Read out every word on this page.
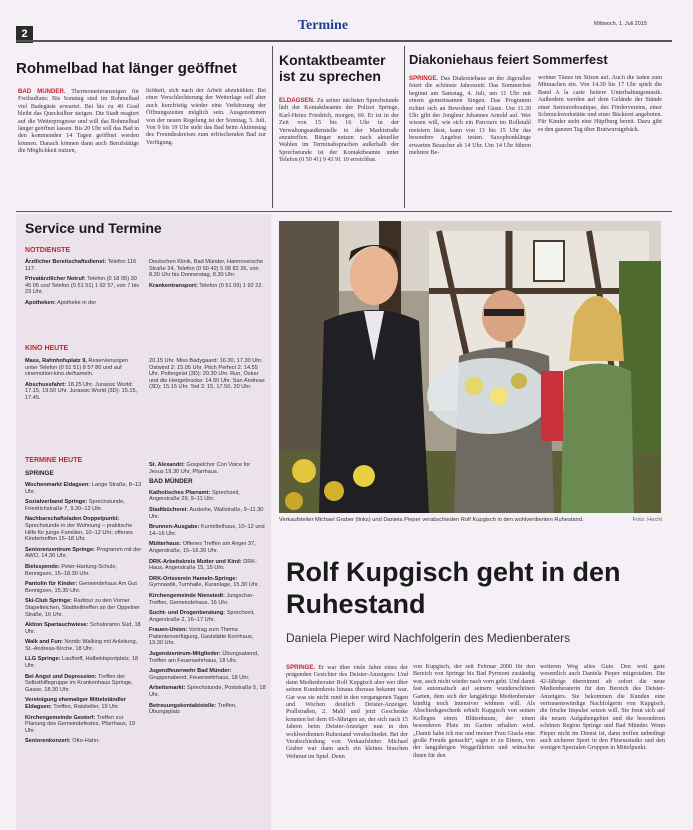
2
Termine	Mittwoch, 1. Juli 2015
Rohmelbad hat länger geöffnet
BAD MÜNDER. Thermometeranzeigen für Freibadfans: Bis Sonntag sind im Rohmelbad viel Badegäste erwartet. Bei bis zu 40 Grad bleibt das Quecksilber steigen. Die Stadt reagiert auf die Wetterprognose und will das Rohmelbad länger geöffnet lassen. Bis 20 Uhr soll das Bad in den kommenden 14 Tagen geöffnet werden können. Danach können dann auch Berufstätige die Möglichkeit nutzen,
lichkeit, sich nach der Arbeit abzukühlen. Bei einer Verschlechterung der Wetterlage soll aber auch kurzfristig wieder eine Verkürzung der Öffnungszeiten möglich sein. Ausgenommen von der neuen Regelung ist der Sonntag, 5. Juli. Von 9 bis 19 Uhr steht das Bad beim Aktionstag des Freundeskreises zum erfrischenden Bad zur Verfügung.
Kontaktbeamter ist zu sprechen
ELDAGSEN. Zu seiner nächsten Sprechstunde lädt der Kontaktbeamte der Polizei Springe, Karl-Heinz Friedrich, morgen, 60. Er ist in der Zeit von 15 bis 16 Uhr in der Verwaltungsaußenstelle in der Marktstraße anzutreffen. Bürger nutzen nach aktueller Wahlen im Terminabsprachen außerhalb der Sprechstunde ist der Kontaktbeamte unter Telefon (0 50 41) 9 43 91 10 erreichbar.
Diakoniehaus feiert Sommerfest
SPRINGE. Das Diakoniehaus an der Jägerallee feiert die schönste Jahreszeit: Das Sommerfest beginnt am Samstag, 4. Juli, um 11 Uhr mit einem gemeinsamen Singen. Das Programm richtet sich an Bewohner und Gäste. Um 11.30 Uhr gibt der Jongleur Johannes Arnold auf. Wer wissen will, wie sich ein Parcours im Rollstuhl meistern lässt, kann von 13 bis 15 Uhr das besondere Angebot testen. Saxophonklänge erwarten Besucher ab 14 Uhr. Um 14 Uhr führen mehrere Be-
wohner Tänze im Sitzen auf. Auch die laden zum Mitmachen ein. Von 14.30 bis 17 Uhr spielt die Band A la carte heitere Unterhaltungsmusik. Außerdem werden auf dem Gelände der Stände einer Seniorenboutique, des Fördervereins, einer Schmuckwerkstätte und einer Bäckerei angeboten. Für Kinder steht eine Hüpfburg bereit. Dazu gibt es den ganzen Tag über Bratwurstgebäck.
Service und Termine
NOTDIENSTE
Ärztlicher Bereitschaftsdienst: Telefon 116 117.
Privatärztlicher Notruf: Telefon (0 18 05) 30 45 05 und Telefon (0 51 51) 1 92 57, von 7 bis 23 Uhr.
Apotheken: Apotheke in der
Deutschen Klinik, Bad Münder, Hannoversche Straße 24, Telefon (0 50 42) 5 08 82 26, von 8.30 Uhr bis Donnerstag, 8.30 Uhr.
Krankentransport: Telefon (0 51 09) 1 92 22.
KINO HEUTE
Mass, Rahnhofsplatz 9, Reservierungen unter Telefon (0 51 51) 8 57 80 und auf cinemotion-kino.de/hameln.
Abschussfahrt: 18.25 Uhr. Jurassic World: 17.15, 19.50 Uhr. Jurassic World (3D): 15.15, 17.45.
20.15 Uhr. Miss Badygaard: 16.30, 17.30 Uhr. Ostwind 2: 15.05 Uhr. Pitch Perfect 2: 14.55 Uhr. Poltergeist (3D): 20.30 Uhr. Run, Oskar und die Hengebrucke: 14.50 Uhr. San Andreas (3D): 15.15 Uhr. Ted 2: 15, 17.50, 20 Uhr.
TERMINE HEUTE
SPRINGE
Wochenmarkt Eldagsen: Lange Straße, 8–13 Uhr.
Sozialverband Springe: Sprechstunde, Friedrichstraße 7, 9.30–12 Uhr.
Nachbarschaftsladen Doppelpunkt: Sprechstunde in der Wohnung – praktische Hilfe für junge Familien, 10–12 Uhr; offenes Kindertreffen 15–18 Uhr.
Seniorenzentrum Springe: Programm mit der AWO, 14.30 Uhr.
Bielsspende: Peter-Hartung-Schule, Bennigsen, 15–18.30 Uhr.
Pantolin für Kinder: Gemeindehaus Am Gut Bennigsen, 15.30 Uhr.
Ski-Club Springe: Radtour zu den Vorner Stapelteichen, Stadtteiltreffen an der Oppelner Straße, 16 Uhr.
Aktion Spartauchwiese: Schuloramn Süd, 18 Uhr.
Walk and Fun: Nordic Walking mit Anleitung, St.-Andreas-Kirche, 18 Uhr.
LLG Springe: Lauftreff, Halbeldsportplatz, 18 Uhr.
Bei Angst und Depression: Treffen der Selbsthilfegruppe im Krankenhaus Springe, Gasse, 18.30 Uhr.
Vereinigung ehemaliger Mittelständler Eldagsen: Treffen, Ratskeller, 19 Uhr.
Kirchengemeinde Gestorf: Treffen zur Planung des Gemeindefestes, Pfarrhaus, 19 Uhr.
Seniorenkonzert: Otto-Hahn-
St. Alexandri: Gospelchor Con Voice for Jesus 19.30 Uhr, Pfarrhaus.
BAD MÜNDER
Katholisches Pfarramt: Sprechzeit, Angerstraße 29, 9–11 Uhr.
Stadtbücherei: Ausleihe, Wallstraße, 9–11.30 Uhr.
Brunnen-Ausgabe: Kurmittelhaus, 10–12 und 14–16 Uhr.
Mütterhaus: Offenes Treffen am Anger 37, Angerstraße, 15–16.30 Uhr.
DRK-Arbeitskreis Mutter und Kind: DRK-Haus, Angerstraße 15, 15 Uhr.
DRK-Ortsverein Hameln-Springe: Gymnastik, Turnhalle, Kuranlage, 15.30 Uhr.
Kirchengemeinde Nienstedt: Jungschar-Treffen, Gemeindehaus, 16 Uhr.
Sucht- und Drogenberatung: Sprechzeit, Angerstraße 2, 16–17 Uhr.
Frauen-Union: Vortrag zum Thema Patientenverfügung, Gaststätte Kornhaus, 19.30 Uhr.
Jugendzentrum-Mitglieder: Übungsabend, Treffen am Feuerwehrhaus, 18 Uhr.
Jugendfeuerwehr Bad Münder: Gruppenabend, Feuerwehrhaus, 18 Uhr.
Arbeitsmarkt: Sprechstunde, Poststraße 5, 18 Uhr.
Betreuungskontaktstelle: Treffen, Übungsplatz
Verkaufsleiter Michael Graber (links) und Daniela Pieper verabschieden Rolf Kupgisch in den wohlverdienten Ruhestand.	Foto: Hecht
Rolf Kupgisch geht in den Ruhestand
Daniela Pieper wird Nachfolgerin des Medienberaters
SPRINGE. Er war über viele Jahre eines der prägenden Gesichter des Deister-Anzeigers: Und dann Medienberater Rolf Kupgisch aber wer über seinen Kundenkreis hinaus überaus bekannt war. Gar was sie nicht rund in den vergangenen Tagen und Wochen deutlich Deister-Anzeiger. Prallstraßen, 2. Mahl und jetzt Geschenke konnten bei dem 65-Jährigen an, der sich nach 15 Jahren beim Deister-Anzeiger nun in den wohlverdienten Ruhestand verabschiedet. Bei der Verabschiedung von Verkaufsleiter Michael Graber war dann auch ein kleines bisschen Wehmut im Spiel. Denn
von Kupgisch, der seit Februar 2000 für den Bereich von Springe bis Bad Pyrmont zuständig war, auch nicht wieder nach vorn geht. Und damit fast automatisch auf seinem wunderschönen Garten, dem sich der langjährige Medienberater künftig noch intensiver widmen will. Als Abschiedsgeschenk erhielt Kupgisch von seinen Kollegen einen Blütenbaum, der einen besonderen Platz im Garten erhalten wird. „Damit habe ich nur und meiner Frau Gisela eine große Freude gemacht“, sagte er zu Einem, von der langjährigen Weggefährten und wünschte ihnen für den
weiteren Weg alles Gute. Den weil ganz wesentlich auch Daniela Pieper mitgestalten. Die 42-Jährige übernimmt ab sofort die neue Medienberaterin für den Bereich des Deister-Anzeigers. Sie bekommen die Kunden eine vertrauenswürdige Nachfolgerin von Kupgisch, die frische Impulse setzen will. Sie freut sich auf die neuen Aufgabengebiet und die besonderen schönen Region Springe und Bad Münder. Wenn Pieper nicht im Dienst ist, dann treffen unbedingt auch sicheren Sport in den Fitnessstudio und den wenigen Spezialen Gruppen in Mittelpunkt.
